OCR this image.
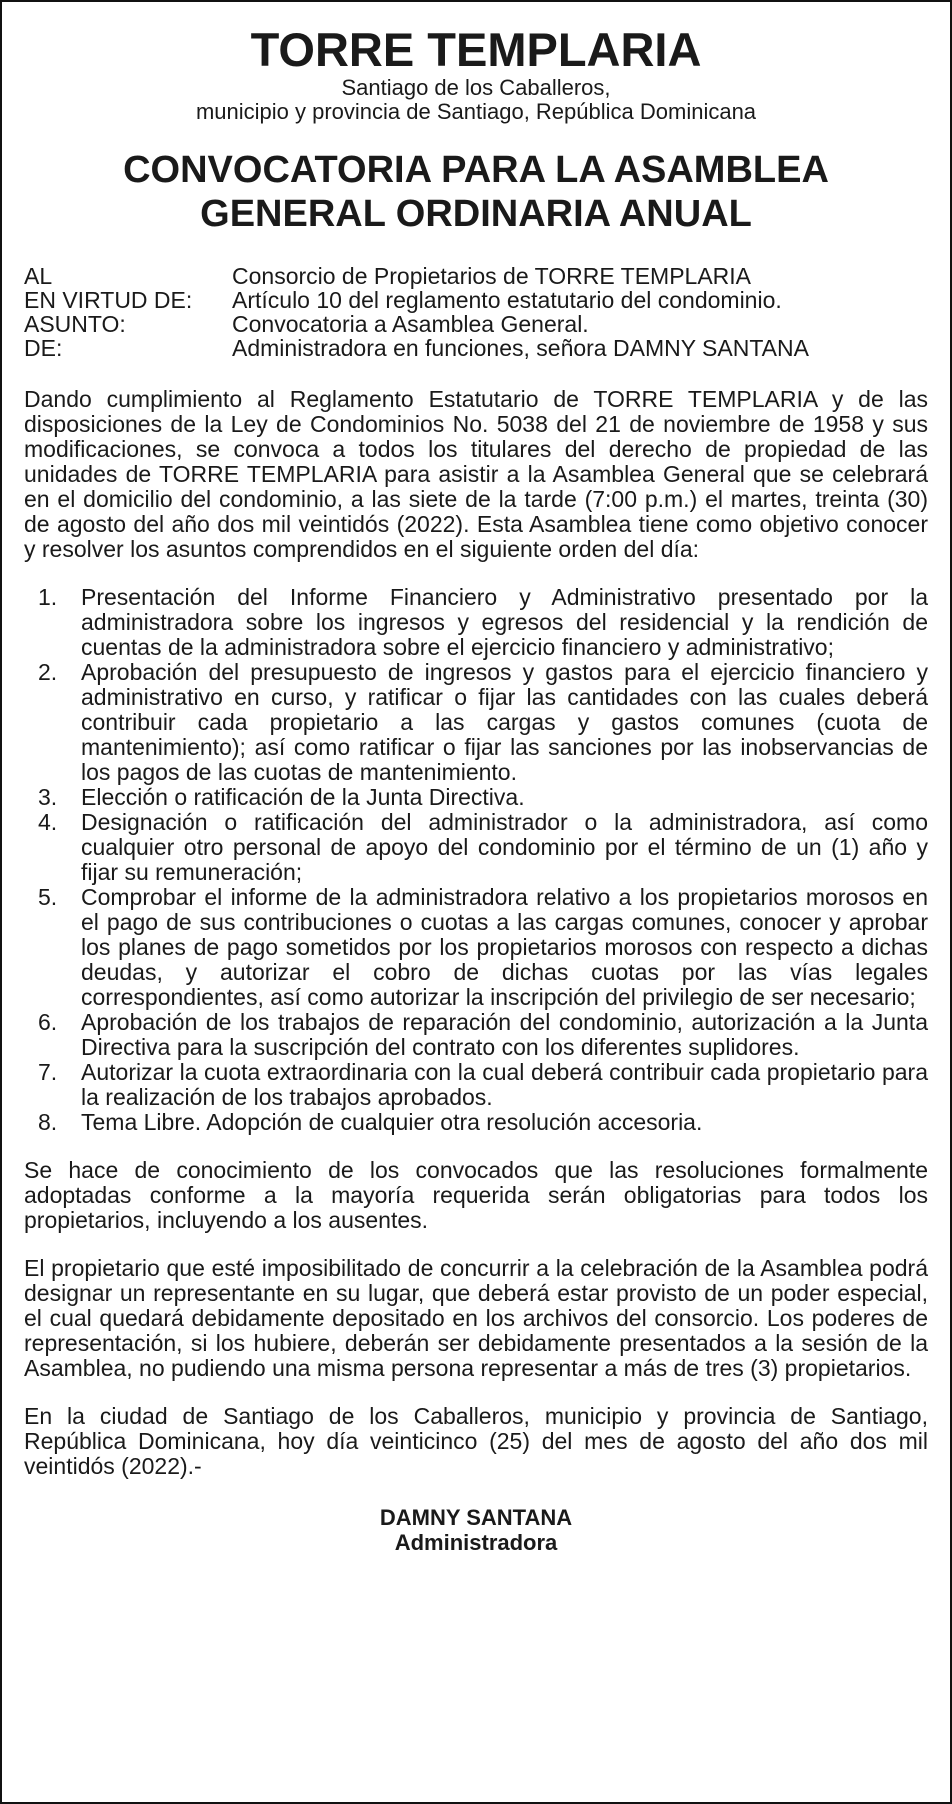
TORRE TEMPLARIA

Santiago de los Caballeros,

municipio y provincia de Santiago, República Dominicana

CONVOCATORIA PARA LA ASAMBLEA
GENERAL ORDINARIA ANUAL
AL	Consorcio de Propietarios de TORRE TEMPLARIA
EN VIRTUD DE:	Artículo 10 del reglamento estatutario del condominio.
ASUNTO:	Convocatoria a Asamblea General.
DE:	Administradora en funciones, señora DAMNY SANTANA

Dando cumplimiento al Reglamento Estatutario de TORRE TEMPLARIA y de las disposiciones de la Ley de Condominios No. 5038 del 21 de noviembre de 1958 y sus modificaciones, se convoca a todos los titulares del derecho de propiedad de las unidades de TORRE TEMPLARIA para asistir a la Asamblea General que se celebrará en el domicilio del condominio, a las siete de la tarde (7:00 p.m.) el martes, treinta (30) de agosto del año dos mil veintidós (2022). Esta Asamblea tiene como objetivo conocer y resolver los asuntos comprendidos en el siguiente orden del día:

1. Presentación del Informe Financiero y Administrativo presentado por la administradora sobre los ingresos y egresos del residencial y la rendición de cuentas de la administradora sobre el ejercicio financiero y administrativo;
2. Aprobación del presupuesto de ingresos y gastos para el ejercicio financiero y administrativo en curso, y ratificar o fijar las cantidades con las cuales deberá contribuir cada propietario a las cargas y gastos comunes (cuota de mantenimiento); así como ratificar o fijar las sanciones por las inobservancias de los pagos de las cuotas de mantenimiento.
3. Elección o ratificación de la Junta Directiva.
4. Designación o ratificación del administrador o la administradora, así como cualquier otro personal de apoyo del condominio por el término de un (1) año y fijar su remuneración;
5. Comprobar el informe de la administradora relativo a los propietarios morosos en el pago de sus contribuciones o cuotas a las cargas comunes, conocer y aprobar los planes de pago sometidos por los propietarios morosos con respecto a dichas deudas, y autorizar el cobro de dichas cuotas por las vías legales correspondientes, así como autorizar la inscripción del privilegio de ser necesario;
6. Aprobación de los trabajos de reparación del condominio, autorización a la Junta Directiva para la suscripción del contrato con los diferentes suplidores.
7. Autorizar la cuota extraordinaria con la cual deberá contribuir cada propietario para la realización de los trabajos aprobados.
8. Tema Libre. Adopción de cualquier otra resolución accesoria.

Se hace de conocimiento de los convocados que las resoluciones formalmente adoptadas conforme a la mayoría requerida serán obligatorias para todos los propietarios, incluyendo a los ausentes.

El propietario que esté imposibilitado de concurrir a la celebración de la Asamblea podrá designar un representante en su lugar, que deberá estar provisto de un poder especial, el cual quedará debidamente depositado en los archivos del consorcio. Los poderes de representación, si los hubiere, deberán ser debidamente presentados a la sesión de la Asamblea, no pudiendo una misma persona representar a más de tres (3) propietarios.

En la ciudad de Santiago de los Caballeros, municipio y provincia de Santiago, República Dominicana, hoy día veinticinco (25) del mes de agosto del año dos mil veintidós (2022).-

DAMNY SANTANA
Administradora
